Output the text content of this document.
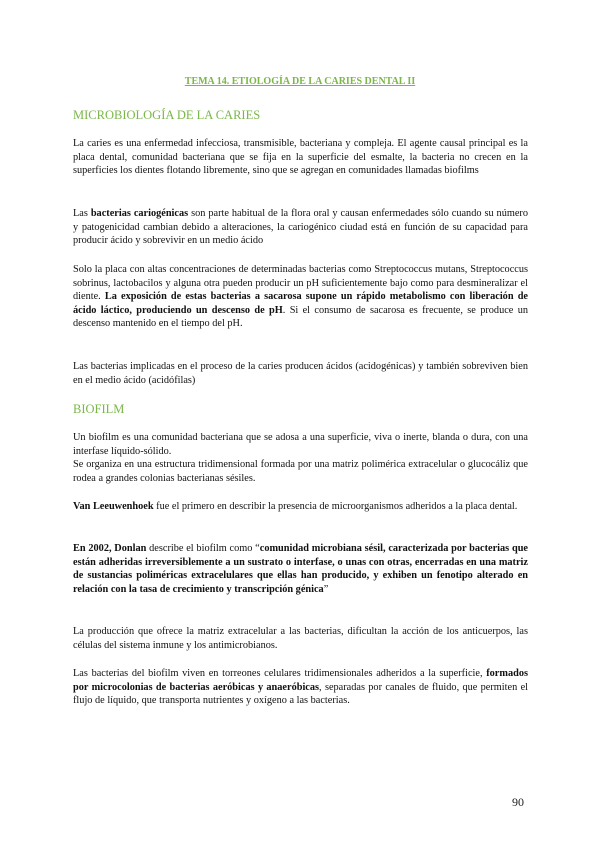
TEMA 14. ETIOLOGÍA DE LA CARIES DENTAL II
MICROBIOLOGÍA DE LA CARIES

La caries es una enfermedad infecciosa, transmisible, bacteriana y compleja. El agente causal principal es la placa dental, comunidad bacteriana que se fija en la superficie del esmalte, la bacteria no crecen en la superficies los dientes flotando libremente, sino que se agregan en comunidades llamadas biofilms

Las bacterias cariogénicas son parte habitual de la flora oral y causan enfermedades sólo cuando su número y patogenicidad cambian debido a alteraciones, la cariogénico ciudad está en función de su capacidad para producir ácido y sobrevivir en un medio ácido

Solo la placa con altas concentraciones de determinadas bacterias como Streptococcus mutans, Streptococcus sobrinus, lactobacilos y alguna otra pueden producir un pH suficientemente bajo como para desmineralizar el diente. La exposición de estas bacterias a sacarosa supone un rápido metabolismo con liberación de ácido láctico, produciendo un descenso de pH. Si el consumo de sacarosa es frecuente, se produce un descenso mantenido en el tiempo del pH.

Las bacterias implicadas en el proceso de la caries producen ácidos (acidogénicas) y también sobreviven bien en el medio ácido (acidófilas)

BIOFILM

Un biofilm es una comunidad bacteriana que se adosa a una superficie, viva o inerte, blanda o dura, con una interfase líquido-sólido.
Se organiza en una estructura tridimensional formada por una matriz polimérica extracelular o glucocáliz que rodea a grandes colonias bacterianas sésiles.

Van Leeuwenhoek fue el primero en describir la presencia de microorganismos adheridos a la placa dental.

En 2002, Donlan describe el biofilm como “comunidad microbiana sésil, caracterizada por bacterias que están adheridas irreversiblemente a un sustrato o interfase, o unas con otras, encerradas en una matriz de sustancias poliméricas extracelulares que ellas han producido, y exhiben un fenotipo alterado en relación con la tasa de crecimiento y transcripción génica”

La producción que ofrece la matriz extracelular a las bacterias, dificultan la acción de los anticuerpos, las células del sistema inmune y los antimicrobianos.

Las bacterias del biofilm viven en torreones celulares tridimensionales adheridos a la superficie, formados por microcolonias de bacterias aeróbicas y anaeróbicas, separadas por canales de fluido, que permiten el flujo de líquido, que transporta nutrientes y oxígeno a las bacterias.

90
